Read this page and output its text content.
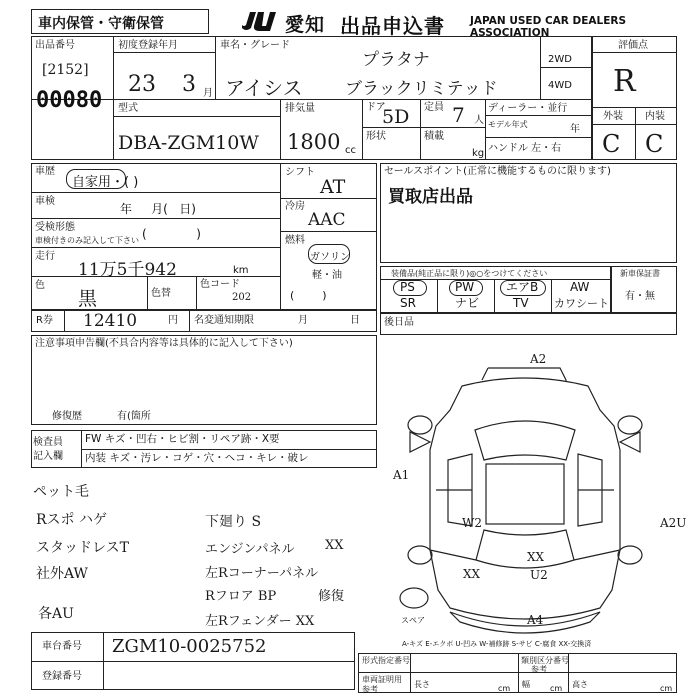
車内保管・守衛保管	愛知 出品申込書 JAPAN USED CAR DEALERS ASSOCIATION
出品番号
[2152]
00080
初度登録年月
23 3 月
車名・グレード
アイシス
プラタナ
ブラックリミテッド
2WD
4WD
評価点
R
外装 内装
C C
型式
DBA-ZGM10W
排気量
1800 cc
ドア
5D 定員 7 人
形状	積載
kg
ディーラー・並行
モデル年式	年
ハンドル 左・右
車歴
自家用・( )
車検
年     月(   日)
受検形態
車検付きのみ記入して下さい (             )
走行
11万5千942	km
色
黒	色替
色コード
202
シフト
AT
冷房
AAC
燃料
ガソリン
軽・油
(        )
R券 12410	円 名変通知期限	月	日
セールスポイント(正常に機能するものに限ります)
買取店出品
装備品(純正品に限り)◎○をつけてください
PS	PW	エアB	AW
SR	ナビ	TV カワシート
新車保証書
有・無
後日品
注意事項申告欄(不具合内容等は具体的に記入して下さい)
修復歴	有(箇所
検査員
記入欄
FW キズ・凹右・ヒビ割・リペア跡・X要
内装 キズ・汚レ・コゲ・穴・ヘコ・キレ・破レ
ペット毛
Rスポ ハゲ
スタッドレスT
社外AW
各AU
下廻り S
エンジンパネル
左Rコーナーパネル
Rフロア BP
左Rフェンダー XX
XX
修復
車台番号 ZGM10-0025752
登録番号
A2
A1
W2	A2U
XX
XX	U2
A4
スペア
A-キズ E-エクボ U-凹み W-補修跡 S-サビ C-腐食 XX-交換済
形式指定番号	類別区分番号
車両証明用
参考
参考
長さ	幅	高さ
cm	cm	cm
